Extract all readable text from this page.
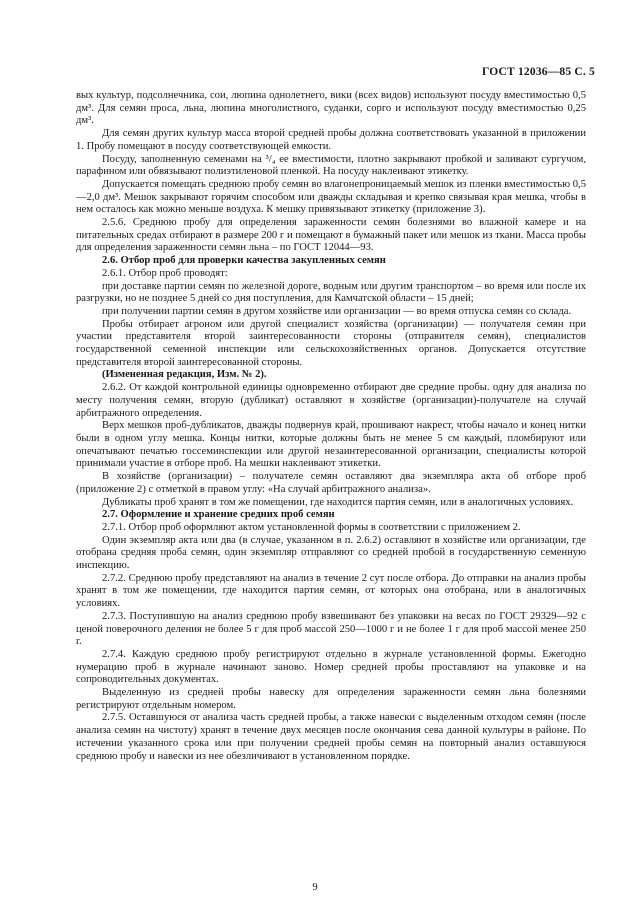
ГОСТ 12036—85 С. 5

вых культур, подсолнечника, сои, люпина однолетнего, вики (всех видов) используют посуду вместимостью 0,5 дм³. Для семян проса, льна, люпина многолистного, суданки, сорго и используют посуду вместимостью 0,25 дм³.

Для семян других культур масса второй средней пробы должна соответствовать указанной в приложении 1. Пробу помещают в посуду соответствующей емкости.

Посуду, заполненную семенами на ³/₄ ее вместимости, плотно закрывают пробкой и заливают сургучом, парафином или обвязывают полиэтиленовой пленкой. На посуду наклеивают этикетку.

Допускается помещать среднюю пробу семян во влагонепроницаемый мешок из пленки вместимостью 0,5—2,0 дм³. Мешок закрывают горячим способом или дважды складывая и крепко связывая края мешка, чтобы в нем осталось как можно меньше воздуха. К мешку привязывают этикетку (приложение 3).

2.5.6. Среднюю пробу для определения зараженности семян болезнями во влажной камере и на питательных средах отбирают в размере 200 г и помещают в бумажный пакет или мешок из ткани. Масса пробы для определения зараженности семян льна – по ГОСТ 12044—93.

2.6. Отбор проб для проверки качества закупленных семян

2.6.1. Отбор проб проводят:

при доставке партии семян по железной дороге, водным или другим транспортом – во время или после их разгрузки, но не позднее 5 дней со дня поступления, для Камчатской области – 15 дней;

при получении партии семян в другом хозяйстве или организации — во время отпуска семян со склада.

Пробы отбирает агроном или другой специалист хозяйства (организации) — получателя семян при участии представителя второй заинтересованности стороны (отправителя семян), специалистов государственной семенной инспекции или сельскохозяйственных органов. Допускается отсутствие представителя второй заинтересованной стороны.

(Измененная редакция, Изм. № 2).

2.6.2. От каждой контрольной единицы одновременно отбирают две средние пробы. одну для анализа по месту получения семян, вторую (дубликат) оставляют в хозяйстве (организации)-получателе на случай арбитражного определения.

Верх мешков проб-дубликатов, дважды подвернув край, прошивают накрест, чтобы начало и конец нитки были в одном углу мешка. Концы нитки, которые должны быть не менее 5 см каждый, пломбируют или опечатывают печатью госсеминспекции или другой незаинтересованной организации, специалисты которой принимали участие в отборе проб. На мешки наклеивают этикетки.

В хозяйстве (организации) – получателе семян оставляют два экземпляра акта об отборе проб (приложение 2) с отметкой в правом углу: «На случай арбитражного анализа».

Дубликаты проб хранят в том же помещении, где находится партия семян, или в аналогичных условиях.

2.7. Оформление и хранение средних проб семян

2.7.1. Отбор проб оформляют актом установленной формы в соответствии с приложением 2.

Один экземпляр акта или два (в случае, указанном в п. 2.6.2) оставляют в хозяйстве или организации, где отобрана средняя проба семян, один экземпляр отправляют со средней пробой в государственную семенную инспекцию.

2.7.2. Среднюю пробу представляют на анализ в течение 2 сут после отбора. До отправки на анализ пробы хранят в том же помещении, где находится партия семян, от которых она отобрана, или в аналогичных условиях.

2.7.3. Поступившую на анализ среднюю пробу взвешивают без упаковки на весах по ГОСТ 29329—92 с ценой поверочного деления не более 5 г для проб массой 250—1000 г и не более 1 г для проб массой менее 250 г.

2.7.4. Каждую среднюю пробу регистрируют отдельно в журнале установленной формы. Ежегодно нумерацию проб в журнале начинают заново. Номер средней пробы проставляют на упаковке и на сопроводительных документах.

Выделенную из средней пробы навеску для определения зараженности семян льна болезнями регистрируют отдельным номером.

2.7.5. Оставшуюся от анализа часть средней пробы, а также навески с выделенным отходом семян (после анализа семян на чистоту) хранят в течение двух месяцев после окончания сева данной культуры в районе. По истечении указанного срока или при получении средней пробы семян на повторный анализ оставшуюся среднюю пробу и навески из нее обезличивают в установленном порядке.

9
